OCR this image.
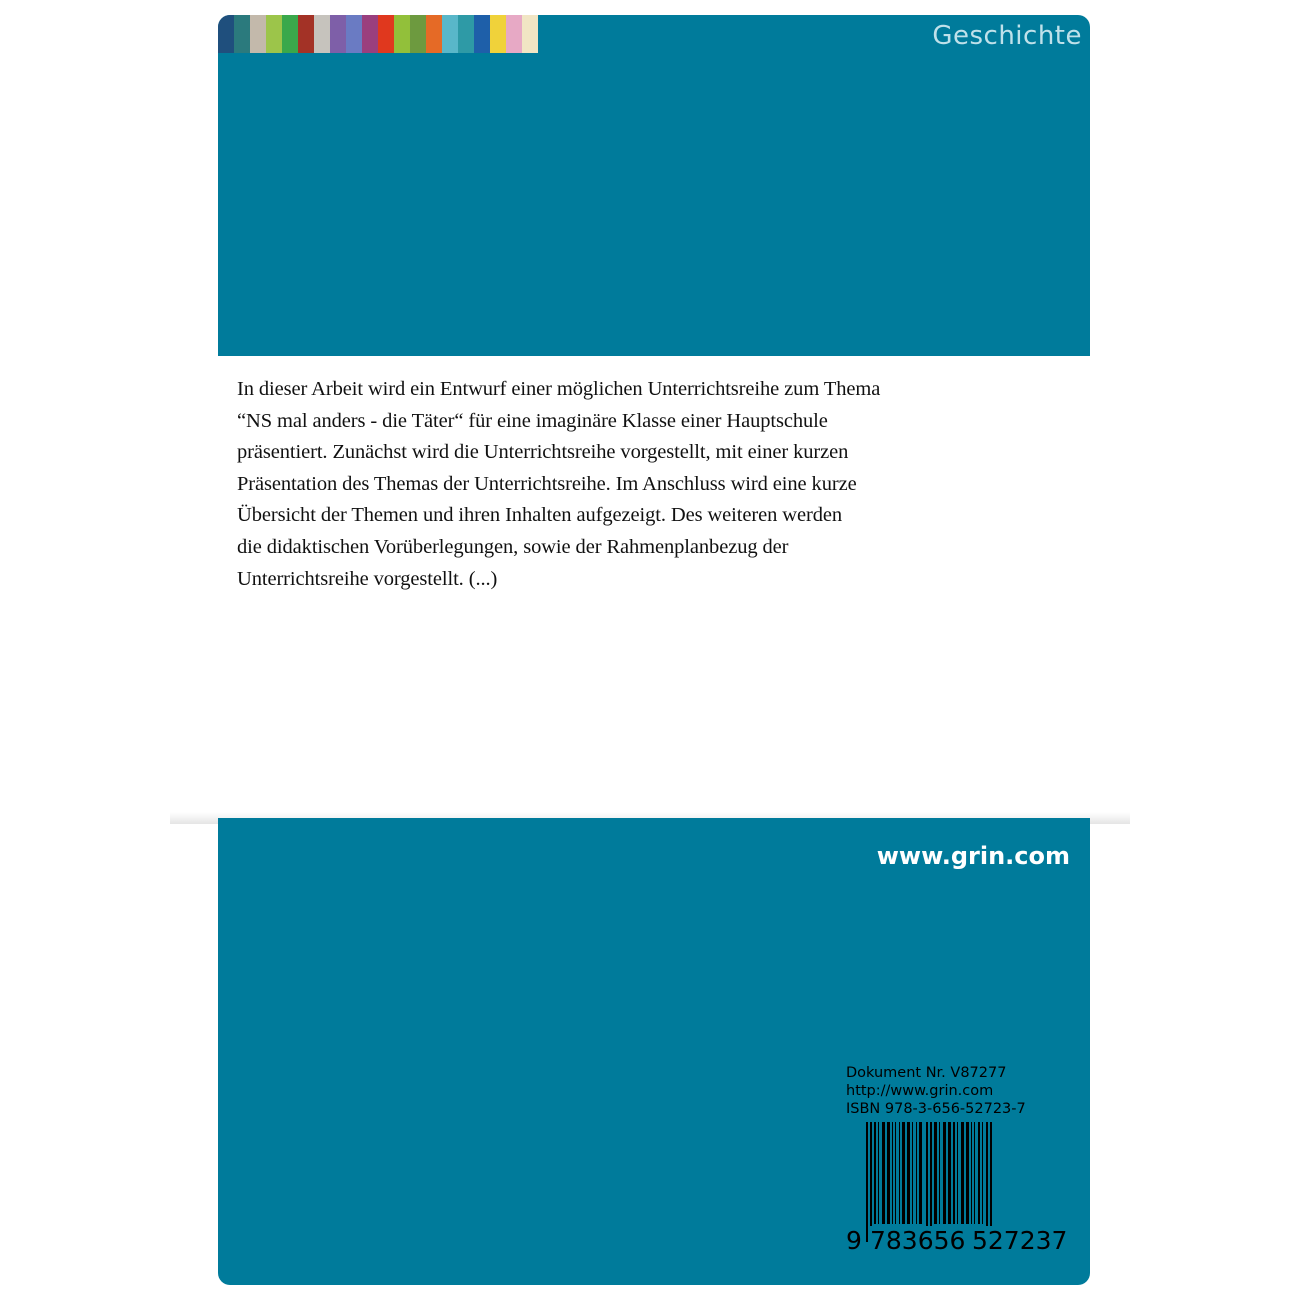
Geschichte
In dieser Arbeit wird ein Entwurf einer möglichen Unterrichtsreihe zum Thema
“NS mal anders - die Täter“ für eine imaginäre Klasse einer Hauptschule
präsentiert. Zunächst wird die Unterrichtsreihe vorgestellt, mit einer kurzen
Präsentation des Themas der Unterrichtsreihe. Im Anschluss wird eine kurze
Übersicht der Themen und ihren Inhalten aufgezeigt. Des weiteren werden
die didaktischen Vorüberlegungen, sowie der Rahmenplanbezug der
Unterrichtsreihe vorgestellt. (...)
www.grin.com
Dokument Nr. V87277
http://www.grin.com
ISBN 978-3-656-52723-7
9 783656 527237
